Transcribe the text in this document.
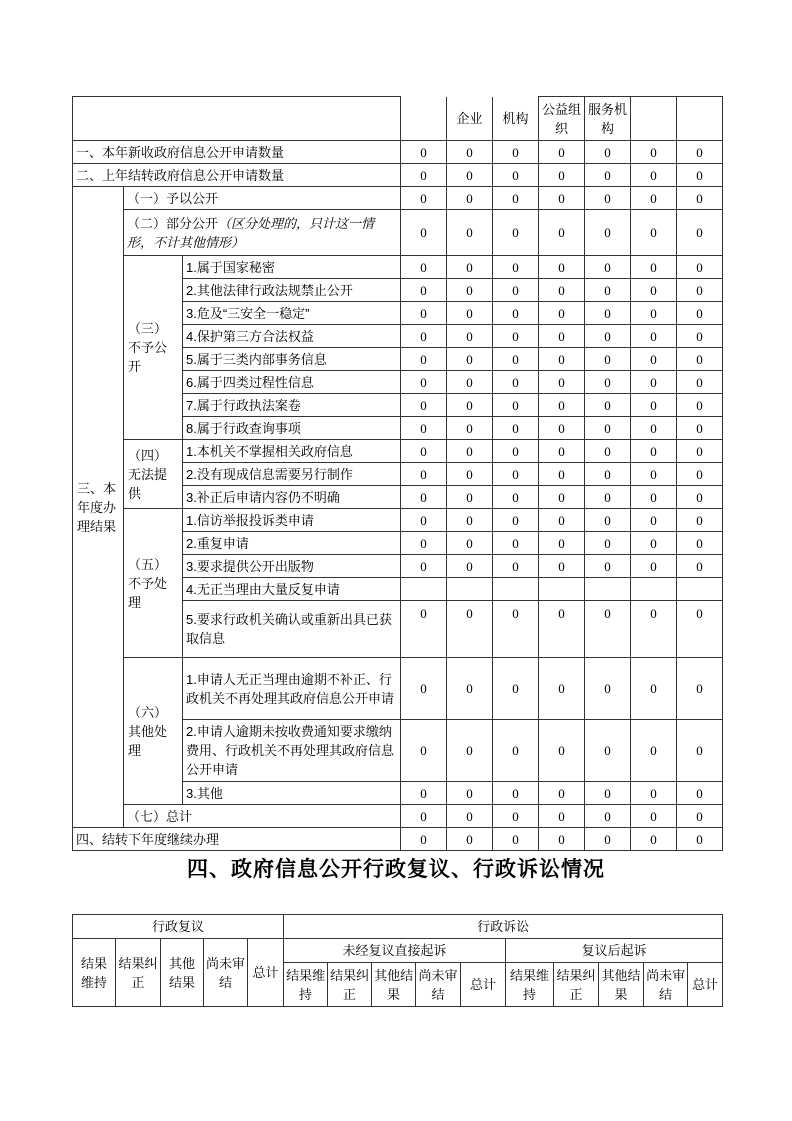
				企业	机构	公益组织	服务机构		
一、本年新收政府信息公开申请数量			0	0	0	0	0	0	0
二、上年结转政府信息公开申请数量			0	0	0	0	0	0	0
三、本年度办理结果	（一）予以公开		0	0	0	0	0	0	0
	（二）部分公开（区分处理的，只计这一情形，不计其他情形）		0	0	0	0	0	0	0
	（三）不予公开	1.属于国家秘密	0	0	0	0	0	0	0
		2.其他法律行政法规禁止公开	0	0	0	0	0	0	0
		3.危及“三安全一稳定”	0	0	0	0	0	0	0
		4.保护第三方合法权益	0	0	0	0	0	0	0
		5.属于三类内部事务信息	0	0	0	0	0	0	0
		6.属于四类过程性信息	0	0	0	0	0	0	0
		7.属于行政执法案卷	0	0	0	0	0	0	0
		8.属于行政查询事项	0	0	0	0	0	0	0
	（四）无法提供	1.本机关不掌握相关政府信息	0	0	0	0	0	0	0
		2.没有现成信息需要另行制作	0	0	0	0	0	0	0
		3.补正后申请内容仍不明确	0	0	0	0	0	0	0
	（五）不予处理	1.信访举报投诉类申请	0	0	0	0	0	0	0
		2.重复申请	0	0	0	0	0	0	0
		3.要求提供公开出版物	0	0	0	0	0	0	0
		4.无正当理由大量反复申请							
		5.要求行政机关确认或重新出具已获取信息	0	0	0	0	0	0	0
	（六）其他处理	1.申请人无正当理由逾期不补正、行政机关不再处理其政府信息公开申请	0	0	0	0	0	0	0
		2.申请人逾期未按收费通知要求缴纳费用、行政机关不再处理其政府信息公开申请	0	0	0	0	0	0	0
		3.其他	0	0	0	0	0	0	0
	（七）总计		0	0	0	0	0	0	0
四、结转下年度继续办理			0	0	0	0	0	0	0
四、政府信息公开行政复议、行政诉讼情况
行政复议					行政诉讼									
结果维持	结果纠正	其他结果	尚未审结	总计	未经复议直接起诉					复议后起诉				
					结果维持	结果纠正	其他结果	尚未审结	总计	结果维持	结果纠正	其他结果	尚未审结	总计
